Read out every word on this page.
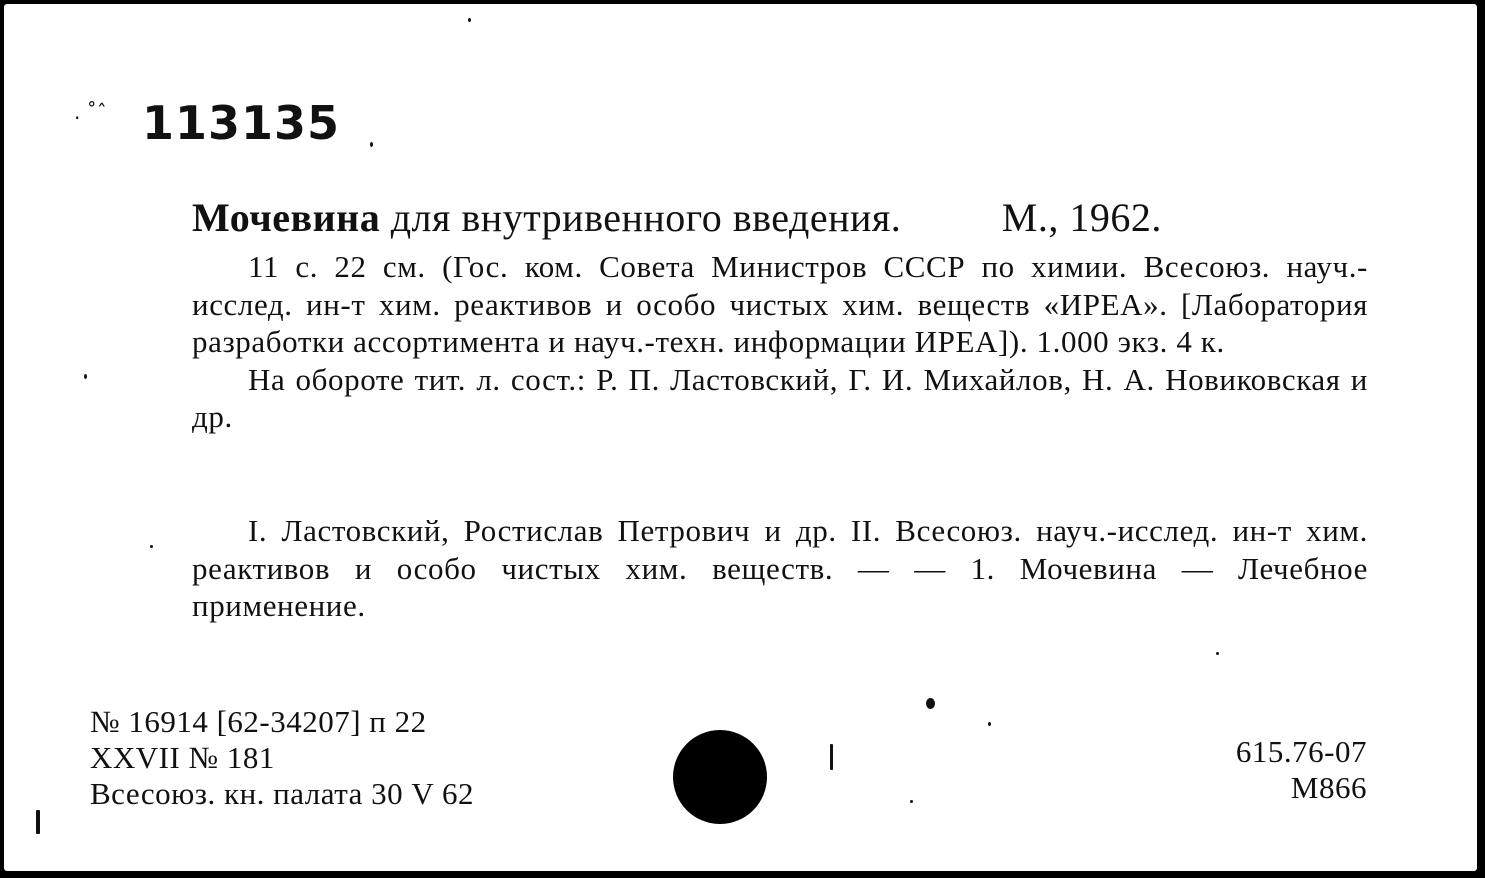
. ˚ˆ 113135
Мочевина для внутривенного введения.	М., 1962.

11 с. 22 см. (Гос. ком. Совета Министров СССР по химии. Всесоюз. науч.-исслед. ин-т хим. реактивов и особо чистых хим. веществ «ИРЕА». [Лаборатория разработки ассортимента и науч.-техн. информации ИРЕА]). 1.000 экз. 4 к.

На обороте тит. л. сост.: Р. П. Ластовский, Г. И. Михайлов, Н. А. Новиковская и др.

I. Ластовский, Ростислав Петрович и др. II. Всесоюз. науч.-исслед. ин-т хим. реактивов и особо чистых хим. веществ. — — 1. Мочевина — Лечебное применение.

№ 16914 [62-34207] п 22
XXVII № 181
Всесоюз. кн. палата 30 V 62
615.76-07
М866
